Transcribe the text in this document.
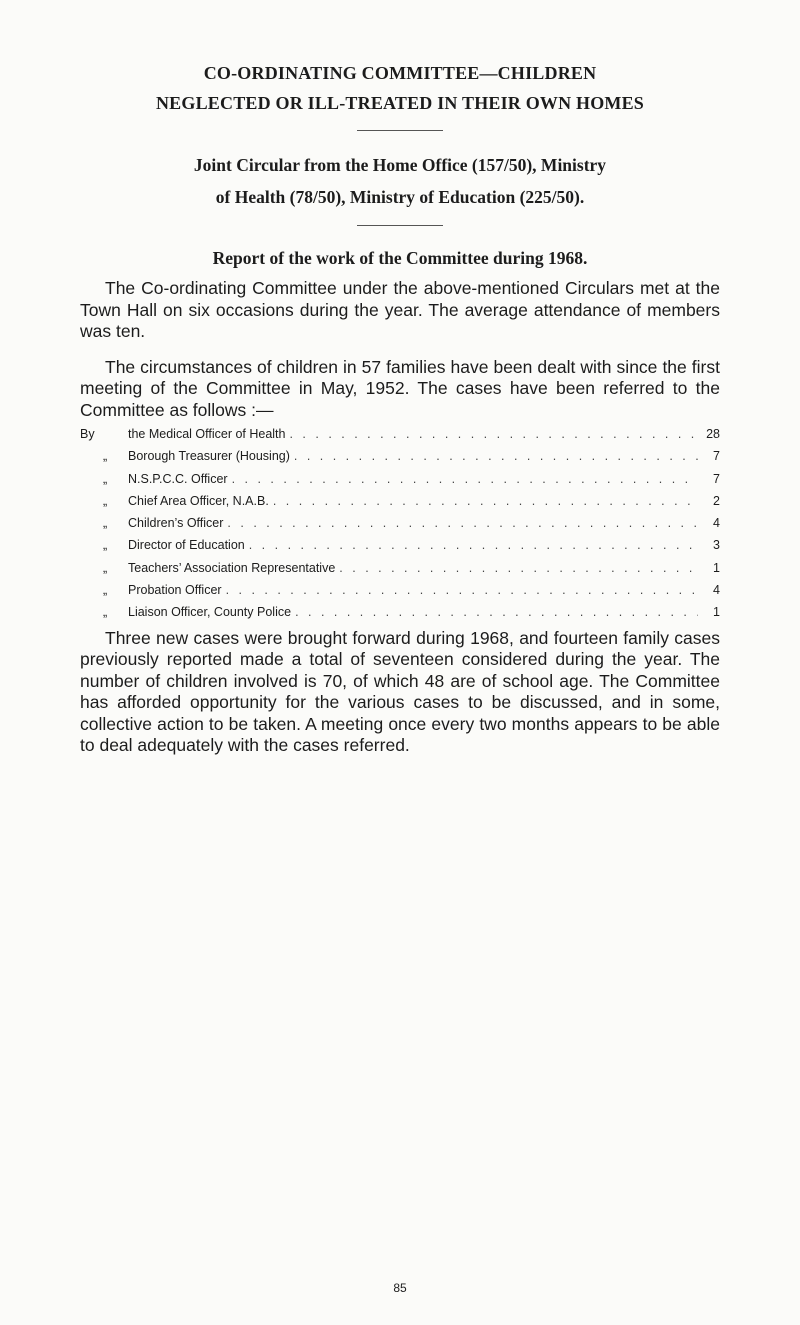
CO-ORDINATING COMMITTEE—CHILDREN

NEGLECTED OR ILL-TREATED IN THEIR OWN HOMES

Joint Circular from the Home Office (157/50), Ministry

of Health (78/50), Ministry of Education (225/50).

Report of the work of the Committee during 1968.

The Co-ordinating Committee under the above-mentioned Circulars met at the Town Hall on six occasions during the year. The average attendance of members was ten.

The circumstances of children in 57 families have been dealt with since the first meeting of the Committee in May, 1952. The cases have been referred to the Committee as follows :—

By	the Medical Officer of Health . . .	28
„	Borough Treasurer (Housing) . . .	7
„	N.S.P.C.C. Officer . . .	7
„	Chief Area Officer, N.A.B. . . .	2
„	Children’s Officer . . .	4
„	Director of Education . . .	3
„	Teachers’ Association Representative . . .	1
„	Probation Officer . . .	4
„	Liaison Officer, County Police . . .	1

Three new cases were brought forward during 1968, and fourteen family cases previously reported made a total of seventeen considered during the year. The number of children involved is 70, of which 48 are of school age. The Committee has afforded opportunity for the various cases to be discussed, and in some, collective action to be taken. A meeting once every two months appears to be able to deal adequately with the cases referred.

85
